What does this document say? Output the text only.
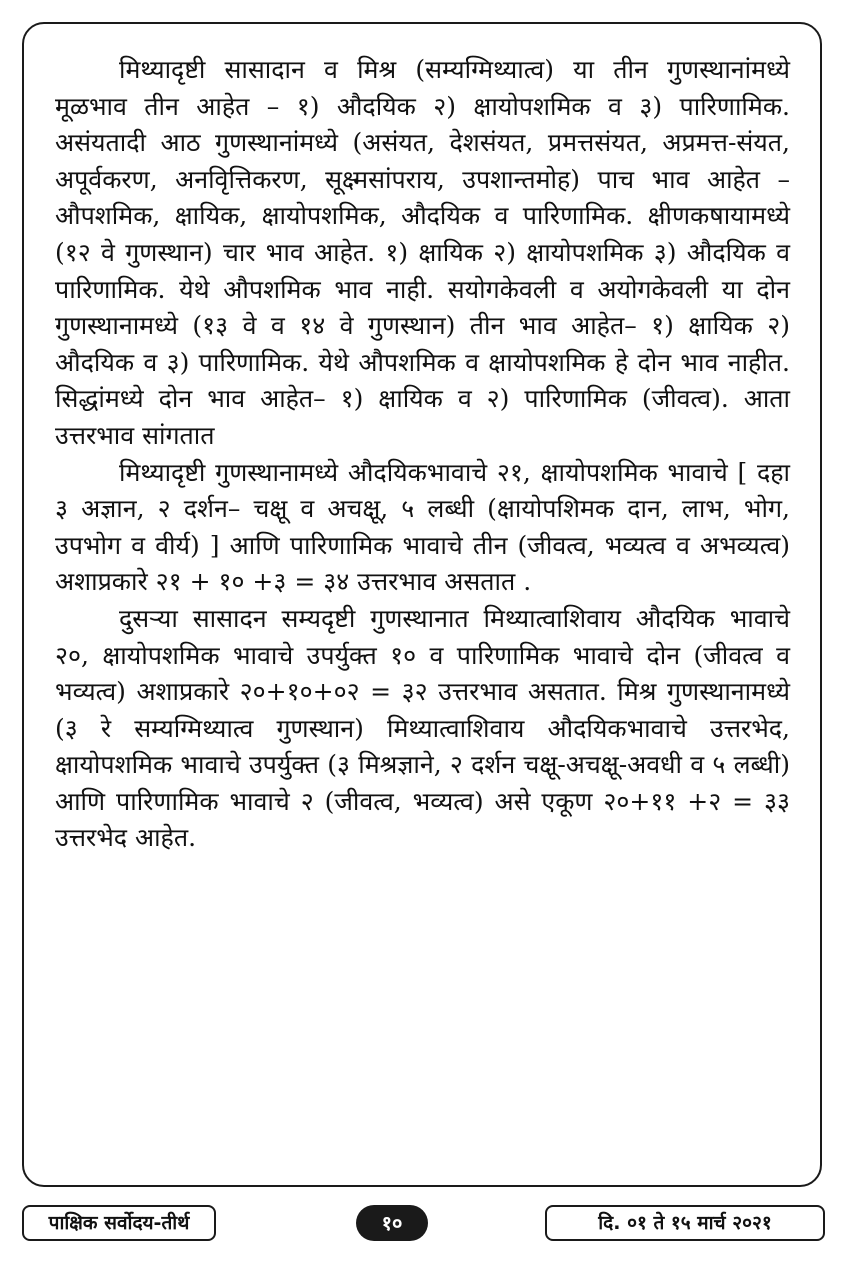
मिथ्यादृष्टी सासादान व मिश्र (सम्यग्मिथ्यात्व) या तीन गुणस्थानांमध्ये मूळभाव तीन आहेत – १) औदयिक २) क्षायोपशमिक व ३) पारिणामिक. असंयतादी आठ गुणस्थानांमध्ये (असंयत, देशसंयत, प्रमत्तसंयत, अप्रमत्त-संयत, अपूर्वकरण, अनवृित्तिकरण, सूक्ष्मसांपराय, उपशान्तमोह) पाच भाव आहेत – औपशमिक, क्षायिक, क्षायोपशमिक, औदयिक व पारिणामिक. क्षीणकषायामध्ये (१२ वे गुणस्थान) चार भाव आहेत. १) क्षायिक २) क्षायोपशमिक ३) औदयिक व पारिणामिक. येथे औपशमिक भाव नाही. सयोगकेवली व अयोगकेवली या दोन गुणस्थानामध्ये (१३ वे व १४ वे गुणस्थान) तीन भाव आहेत– १) क्षायिक २) औदयिक व ३) पारिणामिक. येथे औपशमिक व क्षायोपशमिक हे दोन भाव नाहीत. सिद्धांमध्ये दोन भाव आहेत– १) क्षायिक व २) पारिणामिक (जीवत्व). आता उत्तरभाव सांगतात

मिथ्यादृष्टी गुणस्थानामध्ये औदयिकभावाचे २१, क्षायोपशमिक भावाचे [ दहा ३ अज्ञान, २ दर्शन– चक्षू व अचक्षू, ५ लब्धी (क्षायोपशिमक दान, लाभ, भोग, उपभोग व वीर्य) ] आणि पारिणामिक भावाचे तीन (जीवत्व, भव्यत्व व अभव्यत्व) अशाप्रकारे २१ + १० +३ = ३४ उत्तरभाव असतात .

दुसऱ्या सासादन सम्यदृष्टी गुणस्थानात मिथ्यात्वाशिवाय औदयिक भावाचे २०, क्षायोपशमिक भावाचे उपर्युक्त १० व पारिणामिक भावाचे दोन (जीवत्व व भव्यत्व) अशाप्रकारे २०+१०+०२ = ३२ उत्तरभाव असतात. मिश्र गुणस्थानामध्ये (३ रे सम्यग्मिथ्यात्व गुणस्थान) मिथ्यात्वाशिवाय औदयिकभावाचे उत्तरभेद, क्षायोपशमिक भावाचे उपर्युक्त (३ मिश्रज्ञाने, २ दर्शन चक्षू-अचक्षू-अवधी व ५ लब्धी) आणि पारिणामिक भावाचे २ (जीवत्व, भव्यत्व) असे एकूण २०+११ +२ = ३३ उत्तरभेद आहेत.

पाक्षिक सर्वोदय-तीर्थ	१०	दि. ०१ ते १५ मार्च २०२१
